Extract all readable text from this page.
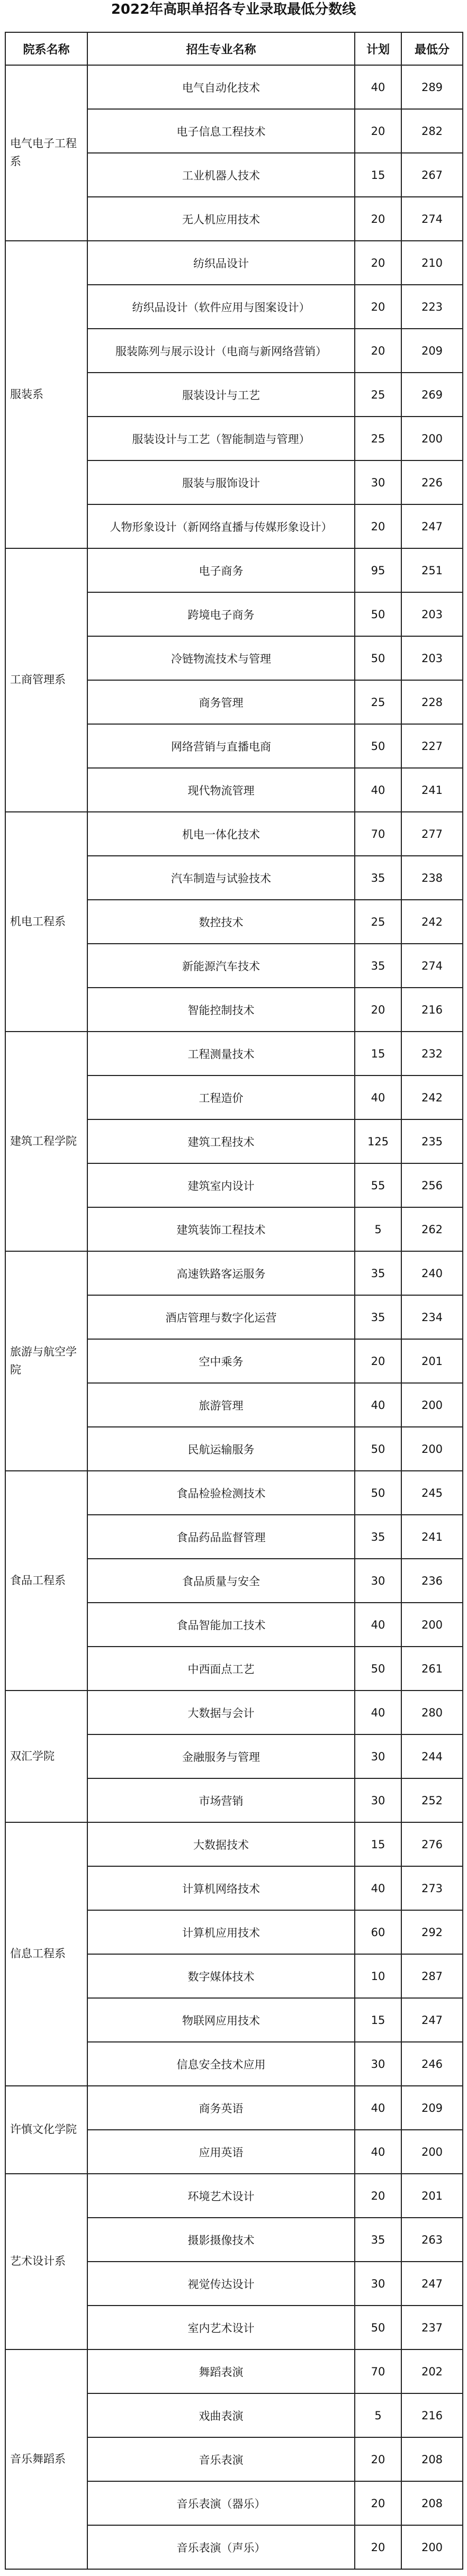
2022年高职单招各专业录取最低分数线
院系名称	招生专业名称	计划	最低分
电气电子工程系	电气自动化技术	40	289
	电子信息工程技术	20	282
	工业机器人技术	15	267
	无人机应用技术	20	274
服装系	纺织品设计	20	210
	纺织品设计（软件应用与图案设计）	20	223
	服装陈列与展示设计（电商与新网络营销）	20	209
	服装设计与工艺	25	269
	服装设计与工艺（智能制造与管理）	25	200
	服装与服饰设计	30	226
	人物形象设计（新网络直播与传媒形象设计）	20	247
工商管理系	电子商务	95	251
	跨境电子商务	50	203
	冷链物流技术与管理	50	203
	商务管理	25	228
	网络营销与直播电商	50	227
	现代物流管理	40	241
机电工程系	机电一体化技术	70	277
	汽车制造与试验技术	35	238
	数控技术	25	242
	新能源汽车技术	35	274
	智能控制技术	20	216
建筑工程学院	工程测量技术	15	232
	工程造价	40	242
	建筑工程技术	125	235
	建筑室内设计	55	256
	建筑装饰工程技术	5	262
旅游与航空学院	高速铁路客运服务	35	240
	酒店管理与数字化运营	35	234
	空中乘务	20	201
	旅游管理	40	200
	民航运输服务	50	200
食品工程系	食品检验检测技术	50	245
	食品药品监督管理	35	241
	食品质量与安全	30	236
	食品智能加工技术	40	200
	中西面点工艺	50	261
双汇学院	大数据与会计	40	280
	金融服务与管理	30	244
	市场营销	30	252
信息工程系	大数据技术	15	276
	计算机网络技术	40	273
	计算机应用技术	60	292
	数字媒体技术	10	287
	物联网应用技术	15	247
	信息安全技术应用	30	246
许慎文化学院	商务英语	40	209
	应用英语	40	200
艺术设计系	环境艺术设计	20	201
	摄影摄像技术	35	263
	视觉传达设计	30	247
	室内艺术设计	50	237
音乐舞蹈系	舞蹈表演	70	202
	戏曲表演	5	216
	音乐表演	20	208
	音乐表演（器乐）	20	208
	音乐表演（声乐）	20	200
